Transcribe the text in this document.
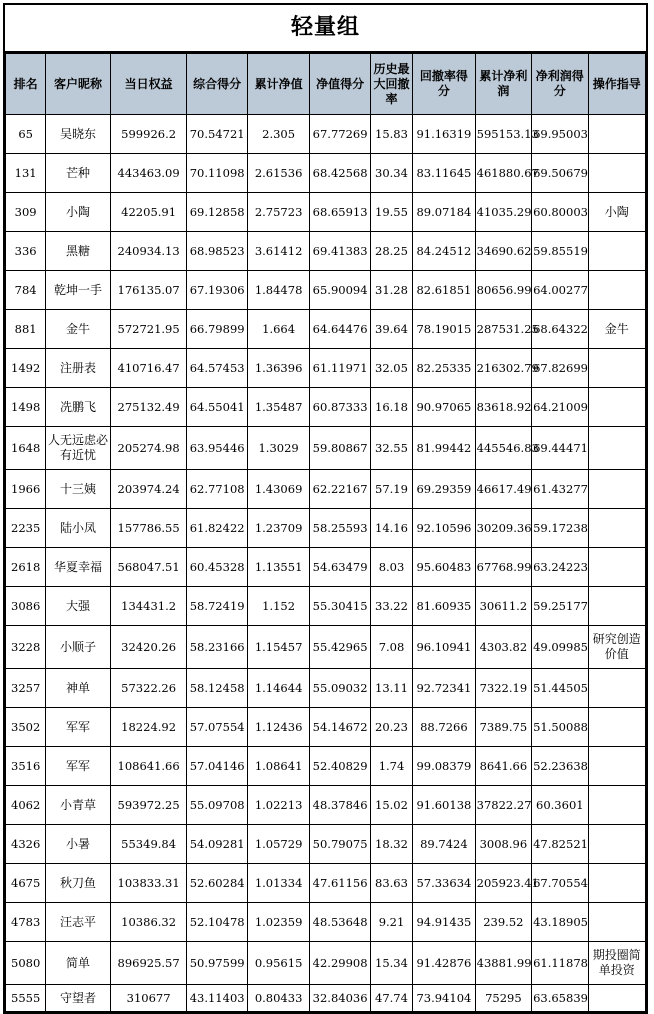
轻量组
排名	客户昵称	当日权益	综合得分	累计净值	净值得分	历史最大回撤率	回撤率得分	累计净利润	净利润得分	操作指导
65	吴晓东	599926.2	70.54721	2.305	67.77269	15.83	91.16319	595153.13	69.95003	
131	芒种	443463.09	70.11098	2.61536	68.42568	30.34	83.11645	461880.67	69.50679	
309	小陶	42205.91	69.12858	2.75723	68.65913	19.55	89.07184	41035.29	60.80003	小陶
336	黑糖	240934.13	68.98523	3.61412	69.41383	28.25	84.24512	34690.62	59.85519	
784	乾坤一手	176135.07	67.19306	1.84478	65.90094	31.28	82.61851	80656.99	64.00277	
881	金牛	572721.95	66.79899	1.664	64.64476	39.64	78.19015	287531.25	68.64322	金牛
1492	注册表	410716.47	64.57453	1.36396	61.11971	32.05	82.25335	216302.79	67.82699	
1498	冼鹏飞	275132.49	64.55041	1.35487	60.87333	16.18	90.97065	83618.92	64.21009	
1648	人无远虑必有近忧	205274.98	63.95446	1.3029	59.80867	32.55	81.99442	445546.83	69.44471	
1966	十三姨	203974.24	62.77108	1.43069	62.22167	57.19	69.29359	46617.49	61.43277	
2235	陆小凤	157786.55	61.82422	1.23709	58.25593	14.16	92.10596	30209.36	59.17238	
2618	华夏幸福	568047.51	60.45328	1.13551	54.63479	8.03	95.60483	67768.99	63.24223	
3086	大强	134431.2	58.72419	1.152	55.30415	33.22	81.60935	30611.2	59.25177	
3228	小顺子	32420.26	58.23166	1.15457	55.42965	7.08	96.10941	4303.82	49.09985	研究创造价值
3257	神单	57322.26	58.12458	1.14644	55.09032	13.11	92.72341	7322.19	51.44505	
3502	军军	18224.92	57.07554	1.12436	54.14672	20.23	88.7266	7389.75	51.50088	
3516	军军	108641.66	57.04146	1.08641	52.40829	1.74	99.08379	8641.66	52.23638	
4062	小青草	593972.25	55.09708	1.02213	48.37846	15.02	91.60138	37822.27	60.3601	
4326	小暑	55349.84	54.09281	1.05729	50.79075	18.32	89.7424	3008.96	47.82521	
4675	秋刀鱼	103833.31	52.60284	1.01334	47.61156	83.63	57.33634	205923.41	67.70554	
4783	汪志平	10386.32	52.10478	1.02359	48.53648	9.21	94.91435	239.52	43.18905	
5080	简单	896925.57	50.97599	0.95615	42.29908	15.34	91.42876	43881.99	61.11878	期投圈简单投资
5555	守望者	310677	43.11403	0.80433	32.84036	47.74	73.94104	75295	63.65839	
